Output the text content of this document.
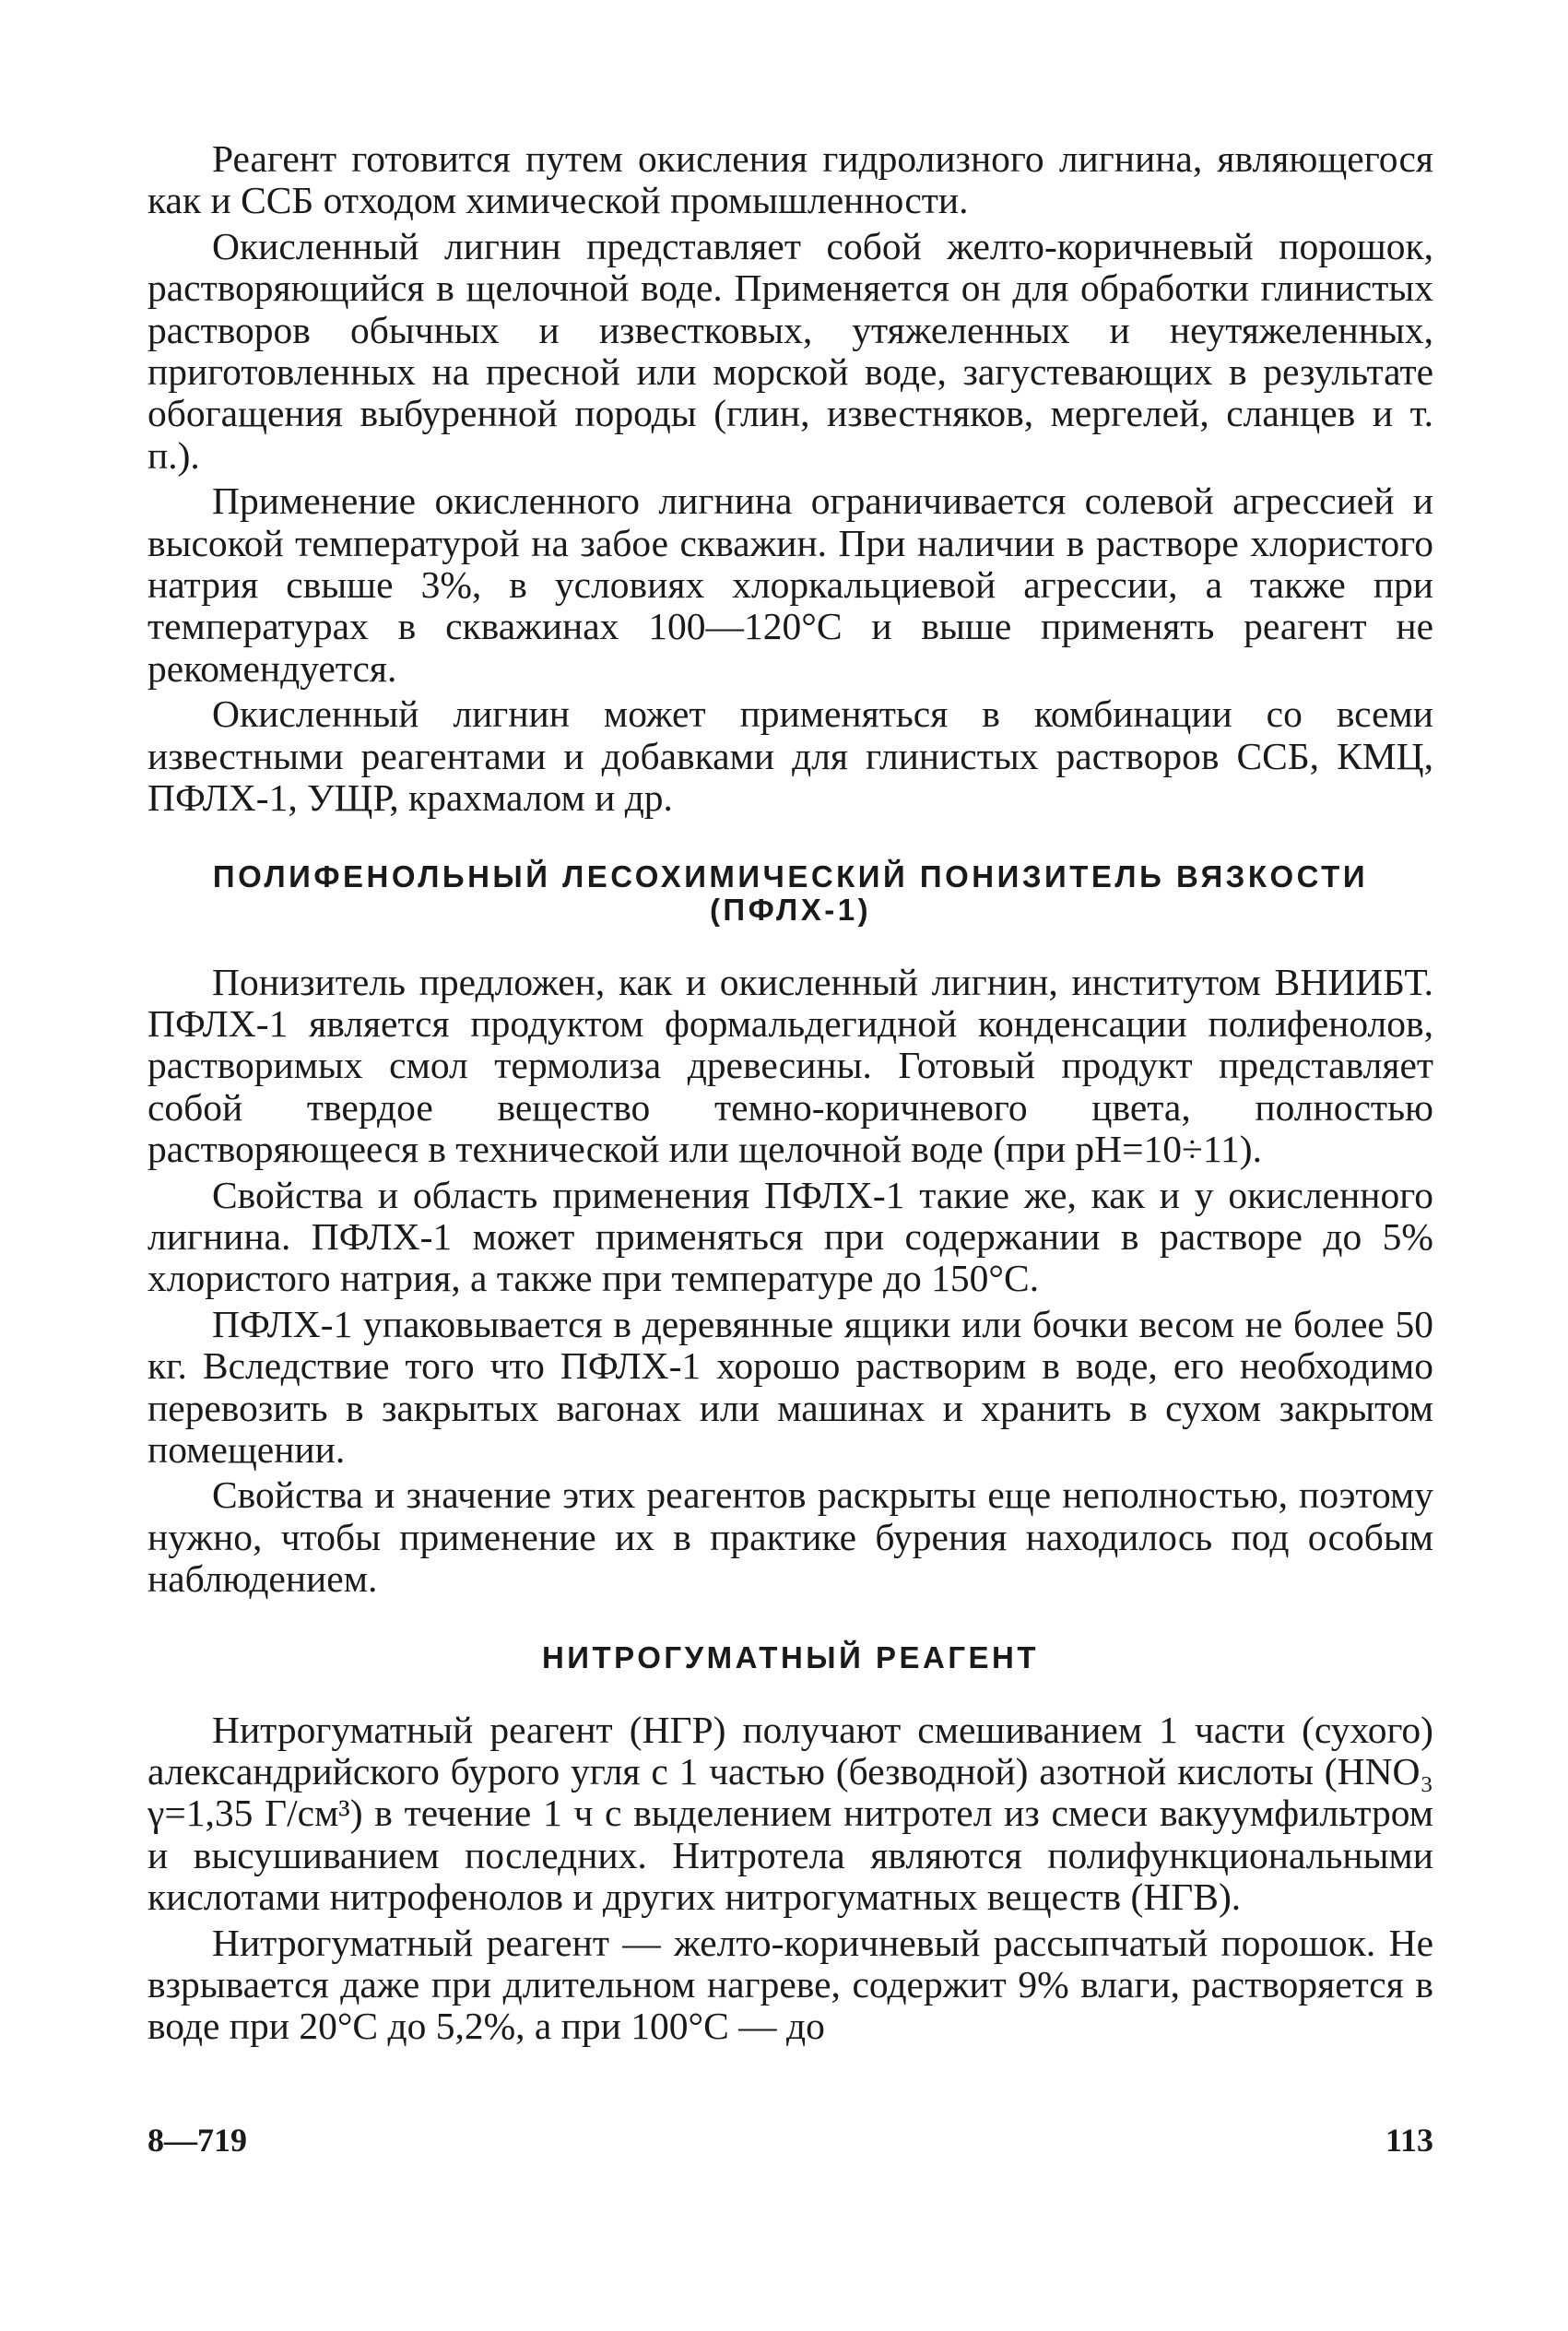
Реагент готовится путем окисления гидролизного лигнина, являющегося как и ССБ отходом химической промышленности.

Окисленный лигнин представляет собой желто-коричневый порошок, растворяющийся в щелочной воде. Применяется он для обработки глинистых растворов обычных и известковых, утяжеленных и неутяжеленных, приготовленных на пресной или морской воде, загустевающих в результате обогащения выбуренной породы (глин, известняков, мергелей, сланцев и т. п.).

Применение окисленного лигнина ограничивается солевой агрессией и высокой температурой на забое скважин. При наличии в растворе хлористого натрия свыше 3%, в условиях хлоркальциевой агрессии, а также при температурах в скважинах 100—120°С и выше применять реагент не рекомендуется.

Окисленный лигнин может применяться в комбинации со всеми известными реагентами и добавками для глинистых растворов ССБ, КМЦ, ПФЛХ-1, УЩР, крахмалом и др.

ПОЛИФЕНОЛЬНЫЙ ЛЕСОХИМИЧЕСКИЙ ПОНИЗИТЕЛЬ ВЯЗКОСТИ
(ПФЛХ-1)

Понизитель предложен, как и окисленный лигнин, институтом ВНИИБТ. ПФЛХ-1 является продуктом формальдегидной конденсации полифенолов, растворимых смол термолиза древесины. Готовый продукт представляет собой твердое вещество темно-коричневого цвета, полностью растворяющееся в технической или щелочной воде (при pH=10÷11).

Свойства и область применения ПФЛХ-1 такие же, как и у окисленного лигнина. ПФЛХ-1 может применяться при содержании в растворе до 5% хлористого натрия, а также при температуре до 150°С.

ПФЛХ-1 упаковывается в деревянные ящики или бочки весом не более 50 кг. Вследствие того что ПФЛХ-1 хорошо растворим в воде, его необходимо перевозить в закрытых вагонах или машинах и хранить в сухом закрытом помещении.

Свойства и значение этих реагентов раскрыты еще неполностью, поэтому нужно, чтобы применение их в практике бурения находилось под особым наблюдением.

НИТРОГУМАТНЫЙ РЕАГЕНТ

Нитрогуматный реагент (НГР) получают смешиванием 1 части (сухого) александрийского бурого угля с 1 частью (безводной) азотной кислоты (HNO₃ γ=1,35 Г/см³) в течение 1 ч с выделением нитротел из смеси вакуумфильтром и высушиванием последних. Нитротела являются полифункциональными кислотами нитрофенолов и других нитрогуматных веществ (НГВ).

Нитрогуматный реагент — желто-коричневый рассыпчатый порошок. Не взрывается даже при длительном нагреве, содержит 9% влаги, растворяется в воде при 20°С до 5,2%, а при 100°С — до

8—719	113
